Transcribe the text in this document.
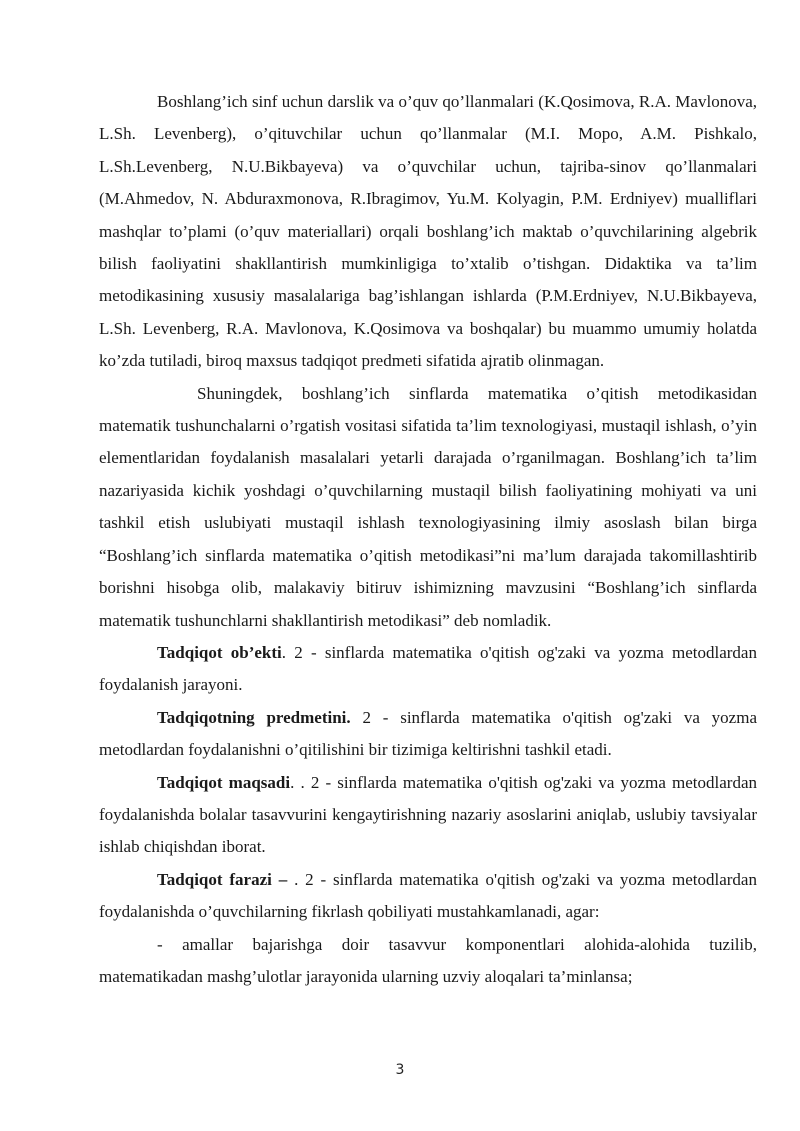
Boshlang’ich sinf uchun darslik va o’quv qo’llanmalari (K.Qosimova, R.A. Mavlonova, L.Sh. Levenberg), o’qituvchilar uchun qo’llanmalar (M.I. Mopo, A.M. Pishkalo, L.Sh.Levenberg, N.U.Bikbayeva) va o’quvchilar uchun, tajriba-sinov qo’llanmalari (M.Ahmedov, N. Abduraxmonova, R.Ibragimov, Yu.M. Kolyagin, P.M. Erdniyev) mualliflari mashqlar to’plami (o’quv materiallari) orqali boshlang’ich maktab o’quvchilarining algebrik bilish faoliyatini shakllantirish mumkinligiga to’xtalib o’tishgan. Didaktika va ta’lim metodikasining xususiy masalalariga bag’ishlangan ishlarda (P.M.Erdniyev, N.U.Bikbayeva, L.Sh. Levenberg, R.A. Mavlonova, K.Qosimova va boshqalar) bu muammo umumiy holatda ko’zda tutiladi, biroq maxsus tadqiqot predmeti sifatida ajratib olinmagan.

Shuningdek, boshlang’ich sinflarda matematika o’qitish metodikasidan matematik tushunchalarni o’rgatish vositasi sifatida ta’lim texnologiyasi, mustaqil ishlash, o’yin elementlaridan foydalanish masalalari yetarli darajada o’rganilmagan. Boshlang’ich ta’lim nazariyasida kichik yoshdagi o’quvchilarning mustaqil bilish faoliyatining mohiyati va uni tashkil etish uslubiyati mustaqil ishlash texnologiyasining ilmiy asoslash bilan birga “Boshlang’ich sinflarda matematika o’qitish metodikasi”ni ma’lum darajada takomillashtirib borishni hisobga olib, malakaviy bitiruv ishimizning mavzusini “Boshlang’ich sinflarda matematik tushunchlarni shakllantirish metodikasi” deb nomladik.

Tadqiqot ob’ekti. 2 - sinflarda matematika o'qitish og'zaki va yozma metodlardan foydalanish jarayoni.

Tadqiqotning predmetini. 2 - sinflarda matematika o'qitish og'zaki va yozma metodlardan foydalanishni o’qitilishini bir tizimiga keltirishni tashkil etadi.

Tadqiqot maqsadi. . 2 - sinflarda matematika o'qitish og'zaki va yozma metodlardan foydalanishda bolalar tasavvurini kengaytirishning nazariy asoslarini aniqlab, uslubiy tavsiyalar ishlab chiqishdan iborat.

Tadqiqot farazi – . 2 - sinflarda matematika o'qitish og'zaki va yozma metodlardan foydalanishda o’quvchilarning fikrlash qobiliyati mustahkamlanadi, agar:

- amallar bajarishga doir tasavvur komponentlari alohida-alohida tuzilib, matematikadan mashg’ulotlar jarayonida ularning uzviy aloqalari ta’minlansa;

3
